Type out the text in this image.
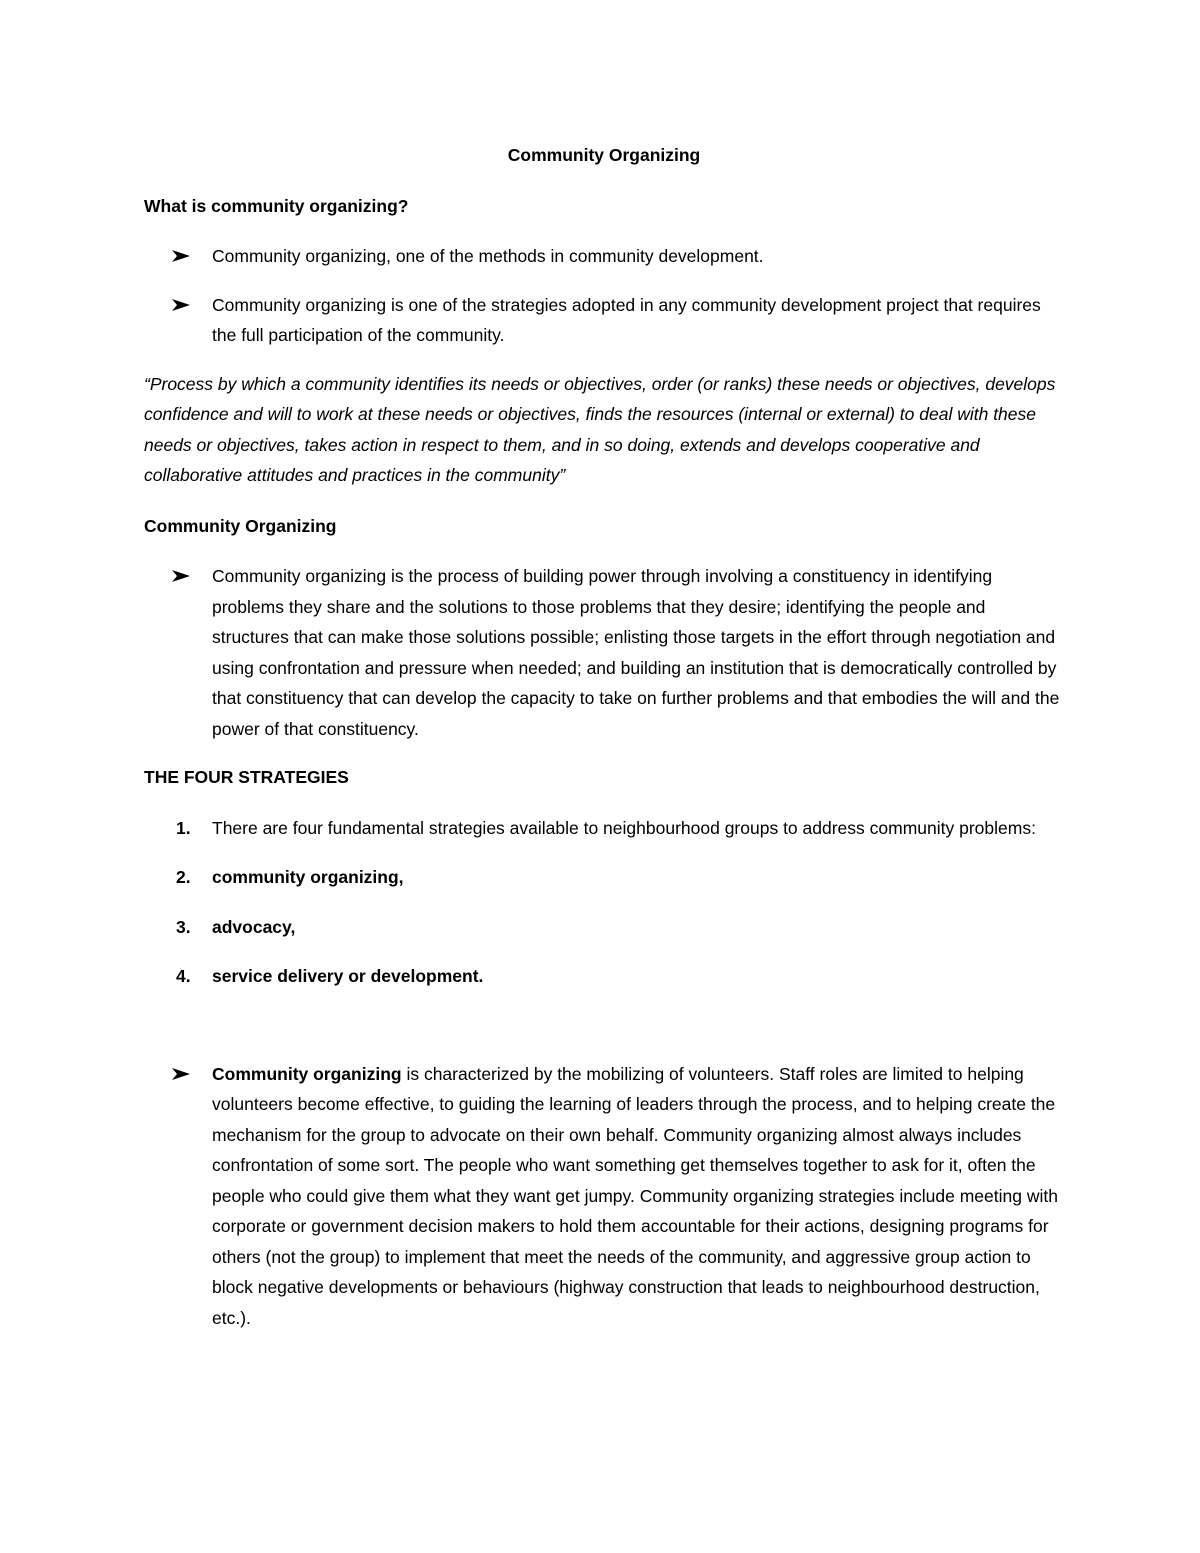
Community Organizing
What is community organizing?
Community organizing, one of the methods in community development.
Community organizing is one of the strategies adopted in any community development project that requires the full participation of the community.
“Process by which a community identifies its needs or objectives, order (or ranks) these needs or objectives, develops confidence and will to work at these needs or objectives, finds the resources (internal or external) to deal with these needs or objectives, takes action in respect to them, and in so doing, extends and develops cooperative and collaborative attitudes and practices in the community”
Community Organizing
Community organizing is the process of building power through involving a constituency in identifying problems they share and the solutions to those problems that they desire; identifying the people and structures that can make those solutions possible; enlisting those targets in the effort through negotiation and using confrontation and pressure when needed; and building an institution that is democratically controlled by that constituency that can develop the capacity to take on further problems and that embodies the will and the power of that constituency.
THE FOUR STRATEGIES
1. There are four fundamental strategies available to neighbourhood groups to address community problems:
2. community organizing,
3. advocacy,
4. service delivery or development.
Community organizing is characterized by the mobilizing of volunteers. Staff roles are limited to helping volunteers become effective, to guiding the learning of leaders through the process, and to helping create the mechanism for the group to advocate on their own behalf. Community organizing almost always includes confrontation of some sort. The people who want something get themselves together to ask for it, often the people who could give them what they want get jumpy. Community organizing strategies include meeting with corporate or government decision makers to hold them accountable for their actions, designing programs for others (not the group) to implement that meet the needs of the community, and aggressive group action to block negative developments or behaviours (highway construction that leads to neighbourhood destruction, etc.).
